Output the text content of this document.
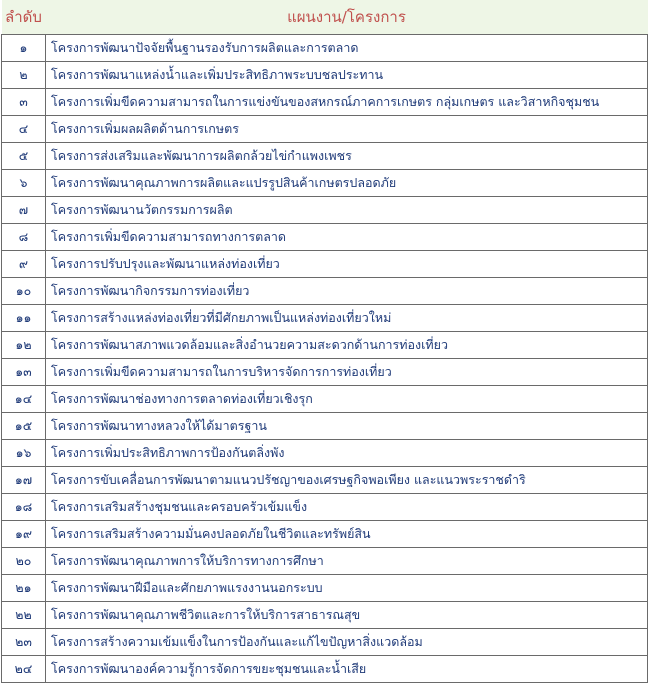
ลำดับ	แผนงาน/โครงการ
๑	โครงการพัฒนาปัจจัยพื้นฐานรองรับการผลิตและการตลาด
๒	โครงการพัฒนาแหล่งน้ำและเพิ่มประสิทธิภาพระบบชลประทาน
๓	โครงการเพิ่มขีดความสามารถในการแข่งขันของสหกรณ์ภาคการเกษตร กลุ่มเกษตร และวิสาหกิจชุมชน
๔	โครงการเพิ่มผลผลิตด้านการเกษตร
๕	โครงการส่งเสริมและพัฒนาการผลิตกล้วยไข่กำแพงเพชร
๖	โครงการพัฒนาคุณภาพการผลิตและแปรรูปสินค้าเกษตรปลอดภัย
๗	โครงการพัฒนานวัตกรรมการผลิต
๘	โครงการเพิ่มขีดความสามารถทางการตลาด
๙	โครงการปรับปรุงและพัฒนาแหล่งท่องเที่ยว
๑๐	โครงการพัฒนากิจกรรมการท่องเที่ยว
๑๑	โครงการสร้างแหล่งท่องเที่ยวที่มีศักยภาพเป็นแหล่งท่องเที่ยวใหม่
๑๒	โครงการพัฒนาสภาพแวดล้อมและสิ่งอำนวยความสะดวกด้านการท่องเที่ยว
๑๓	โครงการเพิ่มขีดความสามารถในการบริหารจัดการการท่องเที่ยว
๑๔	โครงการพัฒนาช่องทางการตลาดท่องเที่ยวเชิงรุก
๑๕	โครงการพัฒนาทางหลวงให้ได้มาตรฐาน
๑๖	โครงการเพิ่มประสิทธิภาพการป้องกันตลิ่งพัง
๑๗	โครงการขับเคลื่อนการพัฒนาตามแนวปรัชญาของเศรษฐกิจพอเพียง และแนวพระราชดำริ
๑๘	โครงการเสริมสร้างชุมชนและครอบครัวเข้มแข็ง
๑๙	โครงการเสริมสร้างความมั่นคงปลอดภัยในชีวิตและทรัพย์สิน
๒๐	โครงการพัฒนาคุณภาพการให้บริการทางการศึกษา
๒๑	โครงการพัฒนาฝีมือและศักยภาพแรงงานนอกระบบ
๒๒	โครงการพัฒนาคุณภาพชีวิตและการให้บริการสาธารณสุข
๒๓	โครงการสร้างความเข้มแข็งในการป้องกันและแก้ไขปัญหาสิ่งแวดล้อม
๒๔	โครงการพัฒนาองค์ความรู้การจัดการขยะชุมชนและน้ำเสีย
